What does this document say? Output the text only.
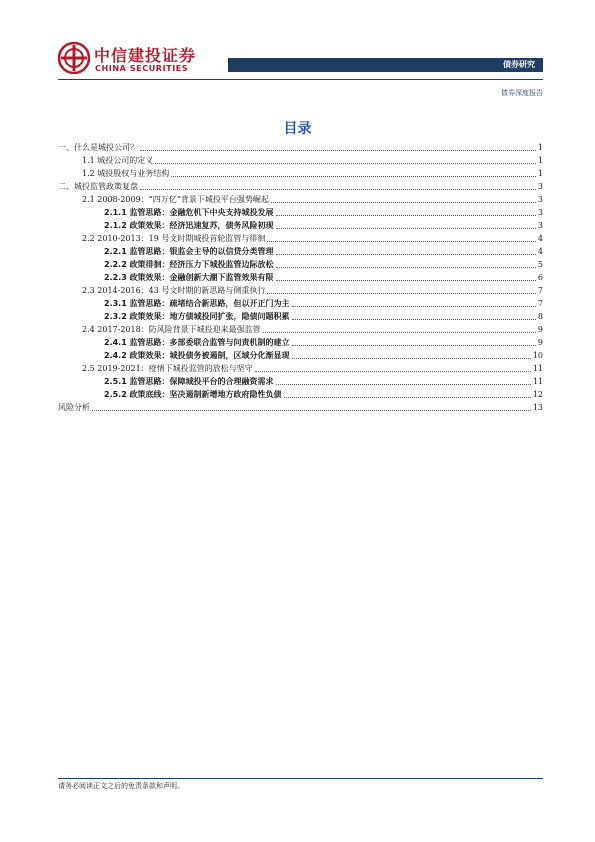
中信建投证券
CHINA SECURITIES	债券研究
债券深度报告
目录
一、什么是城投公司？	1
1.1 城投公司的定义	1
1.2 城投股权与业务结构	1
二、城投监管政策复盘	3
2.1 2008-2009：“四万亿”背景下城投平台强势崛起	3
2.1.1 监管思路：金融危机下中央支持城投发展	3
2.1.2 政策效果：经济迅速复苏，债务风险初现	3
2.2 2010-2013：19 号文时期城投首轮监管与徘徊	4
2.2.1 监管思路：银监会主导的以信贷分类管理	4
2.2.2 政策徘徊：经济压力下城投监管边际放松	5
2.2.3 政策效果：金融创新大潮下监管效果有限	6
2.3 2014-2016：43 号文时期的新思路与侧重执行	7
2.3.1 监管思路：疏堵结合新思路，但以开正门为主	7
2.3.2 政策效果：地方债城投同扩张，隐债问题积累	8
2.4 2017-2018：防风险背景下城投迎来最强监管	9
2.4.1 监管思路：多部委联合监管与问责机制的建立	9
2.4.2 政策效果：城投债务被遏制，区域分化渐显现	10
2.5 2019-2021：疫情下城投监管的放松与坚守	11
2.5.1 监管思路：保障城投平台的合理融资需求	11
2.5.2 政策底线：坚决遏制新增地方政府隐性负债	12
风险分析	13
请务必阅读正文之后的免责条款和声明。
